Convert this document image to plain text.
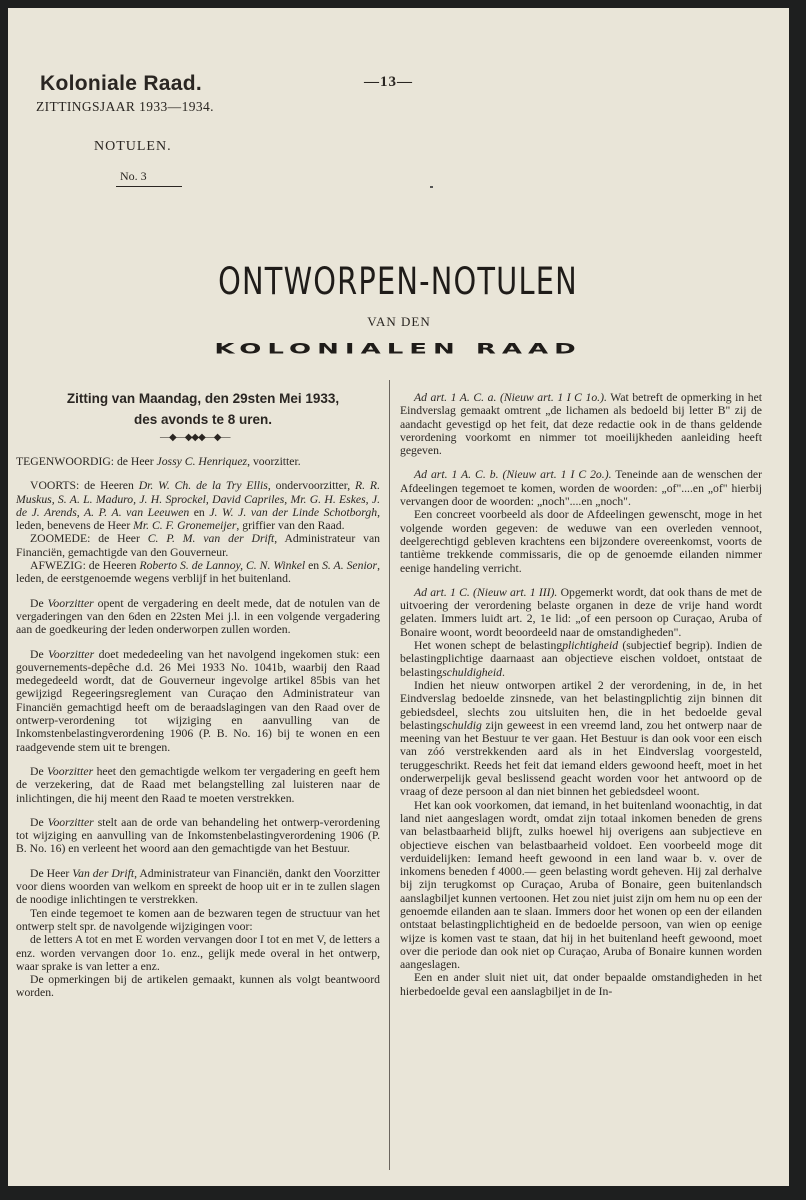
Koloniale Raad.
ZITTINGSJAAR 1933—1934.
NOTULEN.
No. 3
—13—
ONTWORPEN-NOTULEN
VAN DEN
KOLONIALEN RAAD
Zitting van Maandag, den 29sten Mei 1933,
des avonds te 8 uren.
—◆—◆◆◆—◆—

TEGENWOORDIG: de Heer Jossy C. Henriquez, voorzitter.

VOORTS: de Heeren Dr. W. Ch. de la Try Ellis, ondervoorzitter, R. R. Muskus, S. A. L. Maduro, J. H. Sprockel, David Capriles, Mr. G. H. Eskes, J. de J. Arends, A. P. A. van Leeuwen en J. W. J. van der Linde Schotborgh, leden, benevens de Heer Mr. C. F. Gronemeijer, griffier van den Raad.

ZOOMEDE: de Heer C. P. M. van der Drift, Administrateur van Financiën, gemachtigde van den Gouverneur.

AFWEZIG: de Heeren Roberto S. de Lannoy, C. N. Winkel en S. A. Senior, leden, de eerstgenoemde wegens verblijf in het buitenland.

De Voorzitter opent de vergadering en deelt mede, dat de notulen van de vergaderingen van den 6den en 22sten Mei j.l. in een volgende vergadering aan de goedkeuring der leden onderworpen zullen worden.

De Voorzitter doet mededeeling van het navolgend ingekomen stuk: een gouvernements-depêche d.d. 26 Mei 1933 No. 1041b, waarbij den Raad medegedeeld wordt, dat de Gouverneur ingevolge artikel 85bis van het gewijzigd Regeeringsreglement van Curaçao den Administrateur van Financiën gemachtigd heeft om de beraadslagingen van den Raad over de ontwerp-verordening tot wijziging en aanvulling van de Inkomstenbelastingverordening 1906 (P. B. No. 16) bij te wonen en een raadgevende stem uit te brengen.

De Voorzitter heet den gemachtigde welkom ter vergadering en geeft hem de verzekering, dat de Raad met belangstelling zal luisteren naar de inlichtingen, die hij meent den Raad te moeten verstrekken.

De Voorzitter stelt aan de orde van behandeling het ontwerp-verordening tot wijziging en aanvulling van de Inkomstenbelastingverordening 1906 (P. B. No. 16) en verleent het woord aan den gemachtigde van het Bestuur.

De Heer Van der Drift, Administrateur van Financiën, dankt den Voorzitter voor diens woorden van welkom en spreekt de hoop uit er in te zullen slagen de noodige inlichtingen te verstrekken.

Ten einde tegemoet te komen aan de bezwaren tegen de structuur van het ontwerp stelt spr. de navolgende wijzigingen voor:

de letters A tot en met E worden vervangen door I tot en met V, de letters a enz. worden vervangen door 1o. enz., gelijk mede overal in het ontwerp, waar sprake is van letter a enz.

De opmerkingen bij de artikelen gemaakt, kunnen als volgt beantwoord worden.

Ad art. 1 A. C. a. (Nieuw art. 1 I C 1o.). Wat betreft de opmerking in het Eindverslag gemaakt omtrent „de lichamen als bedoeld bij letter B" zij de aandacht gevestigd op het feit, dat deze redactie ook in de thans geldende verordening voorkomt en nimmer tot moeilijkheden aanleiding heeft gegeven.

Ad art. 1 A. C. b. (Nieuw art. 1 I C 2o.). Teneinde aan de wenschen der Afdeelingen tegemoet te komen, worden de woorden: „of"....en „of" hierbij vervangen door de woorden: „noch"....en „noch".

Een concreet voorbeeld als door de Afdeelingen gewenscht, moge in het volgende worden gegeven: de weduwe van een overleden vennoot, deelgerechtigd gebleven krachtens een bijzondere overeenkomst, voorts de tantième trekkende commissaris, die op de genoemde eilanden nimmer eenige handeling verricht.

Ad art. 1 C. (Nieuw art. 1 III). Opgemerkt wordt, dat ook thans de met de uitvoering der verordening belaste organen in deze de vrije hand wordt gelaten. Immers luidt art. 2, 1e lid: „of een persoon op Curaçao, Aruba of Bonaire woont, wordt beoordeeld naar de omstandigheden".

Het wonen schept de belastingplichtigheid (subjectief begrip). Indien de belastingplichtige daarnaast aan objectieve eischen voldoet, ontstaat de belastingschuldigheid.

Indien het nieuw ontworpen artikel 2 der verordening, in de, in het Eindverslag bedoelde zinsnede, van het belastingplichtig zijn binnen dit gebiedsdeel, slechts zou uitsluiten hen, die in het bedoelde geval belastingschuldig zijn geweest in een vreemd land, zou het ontwerp naar de meening van het Bestuur te ver gaan. Het Bestuur is dan ook voor een eisch van zóó verstrekkenden aard als in het Eindverslag voorgesteld, teruggeschrikt. Reeds het feit dat iemand elders gewoond heeft, moet in het onderwerpelijk geval beslissend geacht worden voor het antwoord op de vraag of deze persoon al dan niet binnen het gebiedsdeel woont.

Het kan ook voorkomen, dat iemand, in het buitenland woonachtig, in dat land niet aangeslagen wordt, omdat zijn totaal inkomen beneden de grens van belastbaarheid blijft, zulks hoewel hij overigens aan subjectieve en objectieve eischen van belastbaarheid voldoet. Een voorbeeld moge dit verduidelijken: Iemand heeft gewoond in een land waar b. v. over de inkomens beneden f 4000.— geen belasting wordt geheven. Hij zal derhalve bij zijn terugkomst op Curaçao, Aruba of Bonaire, geen buitenlandsch aanslagbiljet kunnen vertoonen. Het zou niet juist zijn om hem nu op een der genoemde eilanden aan te slaan. Immers door het wonen op een der eilanden ontstaat belastingplichtigheid en de bedoelde persoon, van wien op eenige wijze is komen vast te staan, dat hij in het buitenland heeft gewoond, moet over die periode dan ook niet op Curaçao, Aruba of Bonaire kunnen worden aangeslagen.

Een en ander sluit niet uit, dat onder bepaalde omstandigheden in het hierbedoelde geval een aanslagbiljet in de In-
